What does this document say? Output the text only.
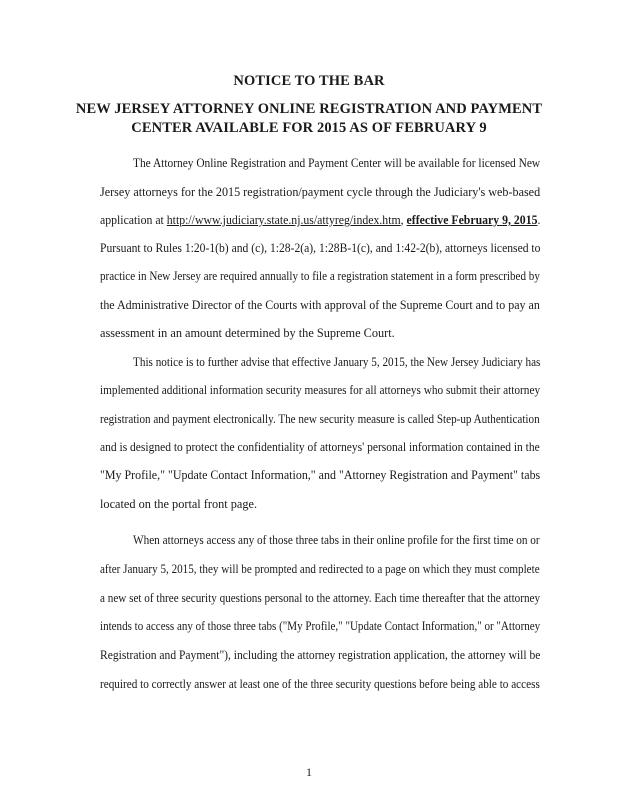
NOTICE TO THE BAR
NEW JERSEY ATTORNEY ONLINE REGISTRATION AND PAYMENT
CENTER AVAILABLE FOR 2015 AS OF FEBRUARY 9
The Attorney Online Registration and Payment Center will be available for licensed New
Jersey attorneys for the 2015 registration/payment cycle through the Judiciary's web-based
application at http://www.judiciary.state.nj.us/attyreg/index.htm, effective February 9, 2015.
Pursuant to Rules 1:20-1(b) and (c), 1:28-2(a), 1:28B-1(c), and 1:42-2(b), attorneys licensed to
practice in New Jersey are required annually to file a registration statement in a form prescribed by
the Administrative Director of the Courts with approval of the Supreme Court and to pay an
assessment in an amount determined by the Supreme Court.
This notice is to further advise that effective January 5, 2015, the New Jersey Judiciary has
implemented additional information security measures for all attorneys who submit their attorney
registration and payment electronically. The new security measure is called Step-up Authentication
and is designed to protect the confidentiality of attorneys' personal information contained in the
"My Profile," "Update Contact Information," and "Attorney Registration and Payment" tabs
located on the portal front page.
When attorneys access any of those three tabs in their online profile for the first time on or
after January 5, 2015, they will be prompted and redirected to a page on which they must complete
a new set of three security questions personal to the attorney. Each time thereafter that the attorney
intends to access any of those three tabs ("My Profile," "Update Contact Information," or "Attorney
Registration and Payment"), including the attorney registration application, the attorney will be
required to correctly answer at least one of the three security questions before being able to access
1
